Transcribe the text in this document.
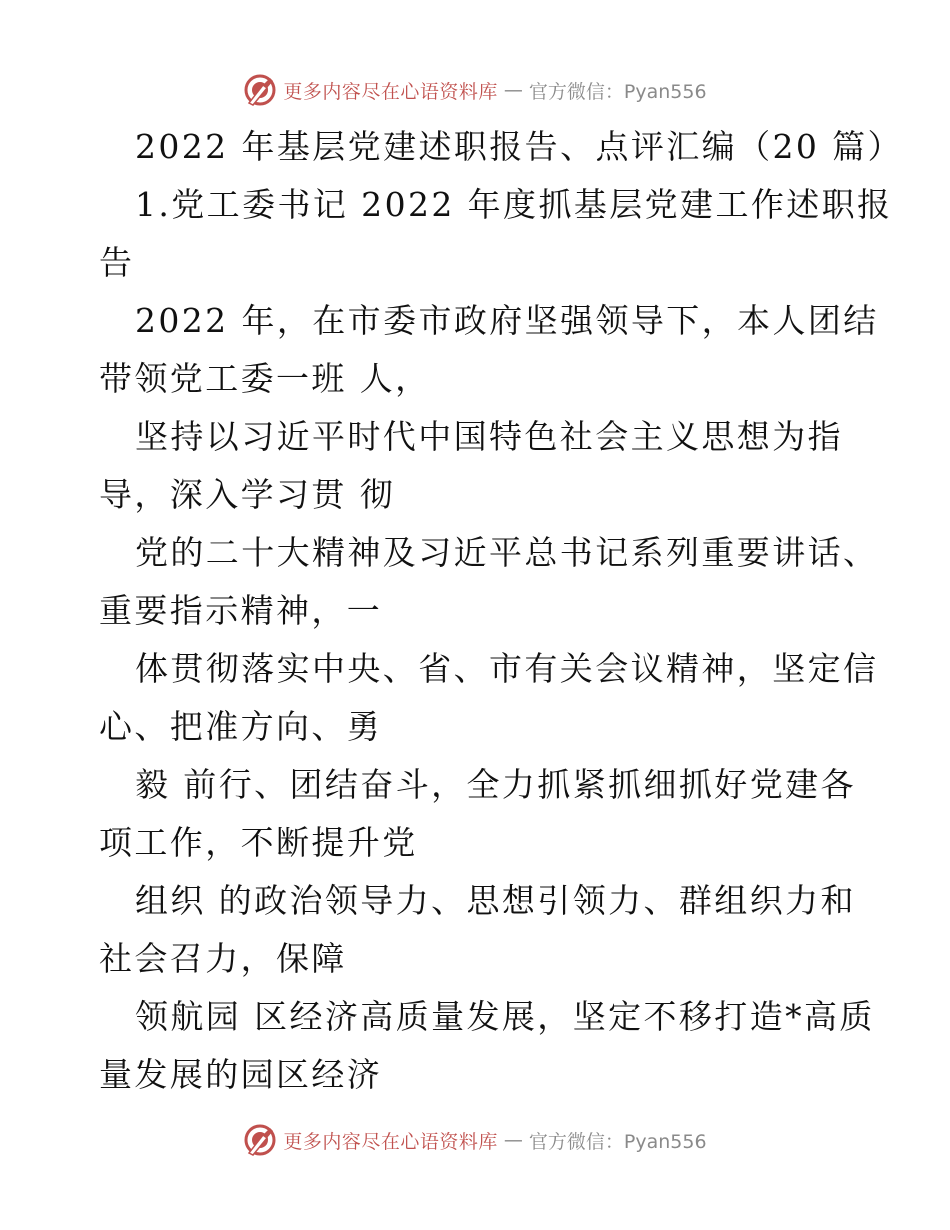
更多内容尽在心语资料库 — 官方微信：Pyan556
2022 年基层党建述职报告、点评汇编（20 篇）
1.党工委书记 2022 年度抓基层党建工作述职报
告
2022 年，在市委市政府坚强领导下，本人团结
带领党工委一班 人，
坚持以习近平时代中国特色社会主义思想为指
导，深入学习贯 彻
党的二十大精神及习近平总书记系列重要讲话、
重要指示精神，一
体贯彻落实中央、省、市有关会议精神，坚定信
心、把准方向、勇
毅 前行、团结奋斗，全力抓紧抓细抓好党建各
项工作，不断提升党
组织 的政治领导力、思想引领力、群组织力和
社会召力，保障
领航园 区经济高质量发展，坚定不移打造*高质
量发展的园区经济
更多内容尽在心语资料库 — 官方微信：Pyan556
